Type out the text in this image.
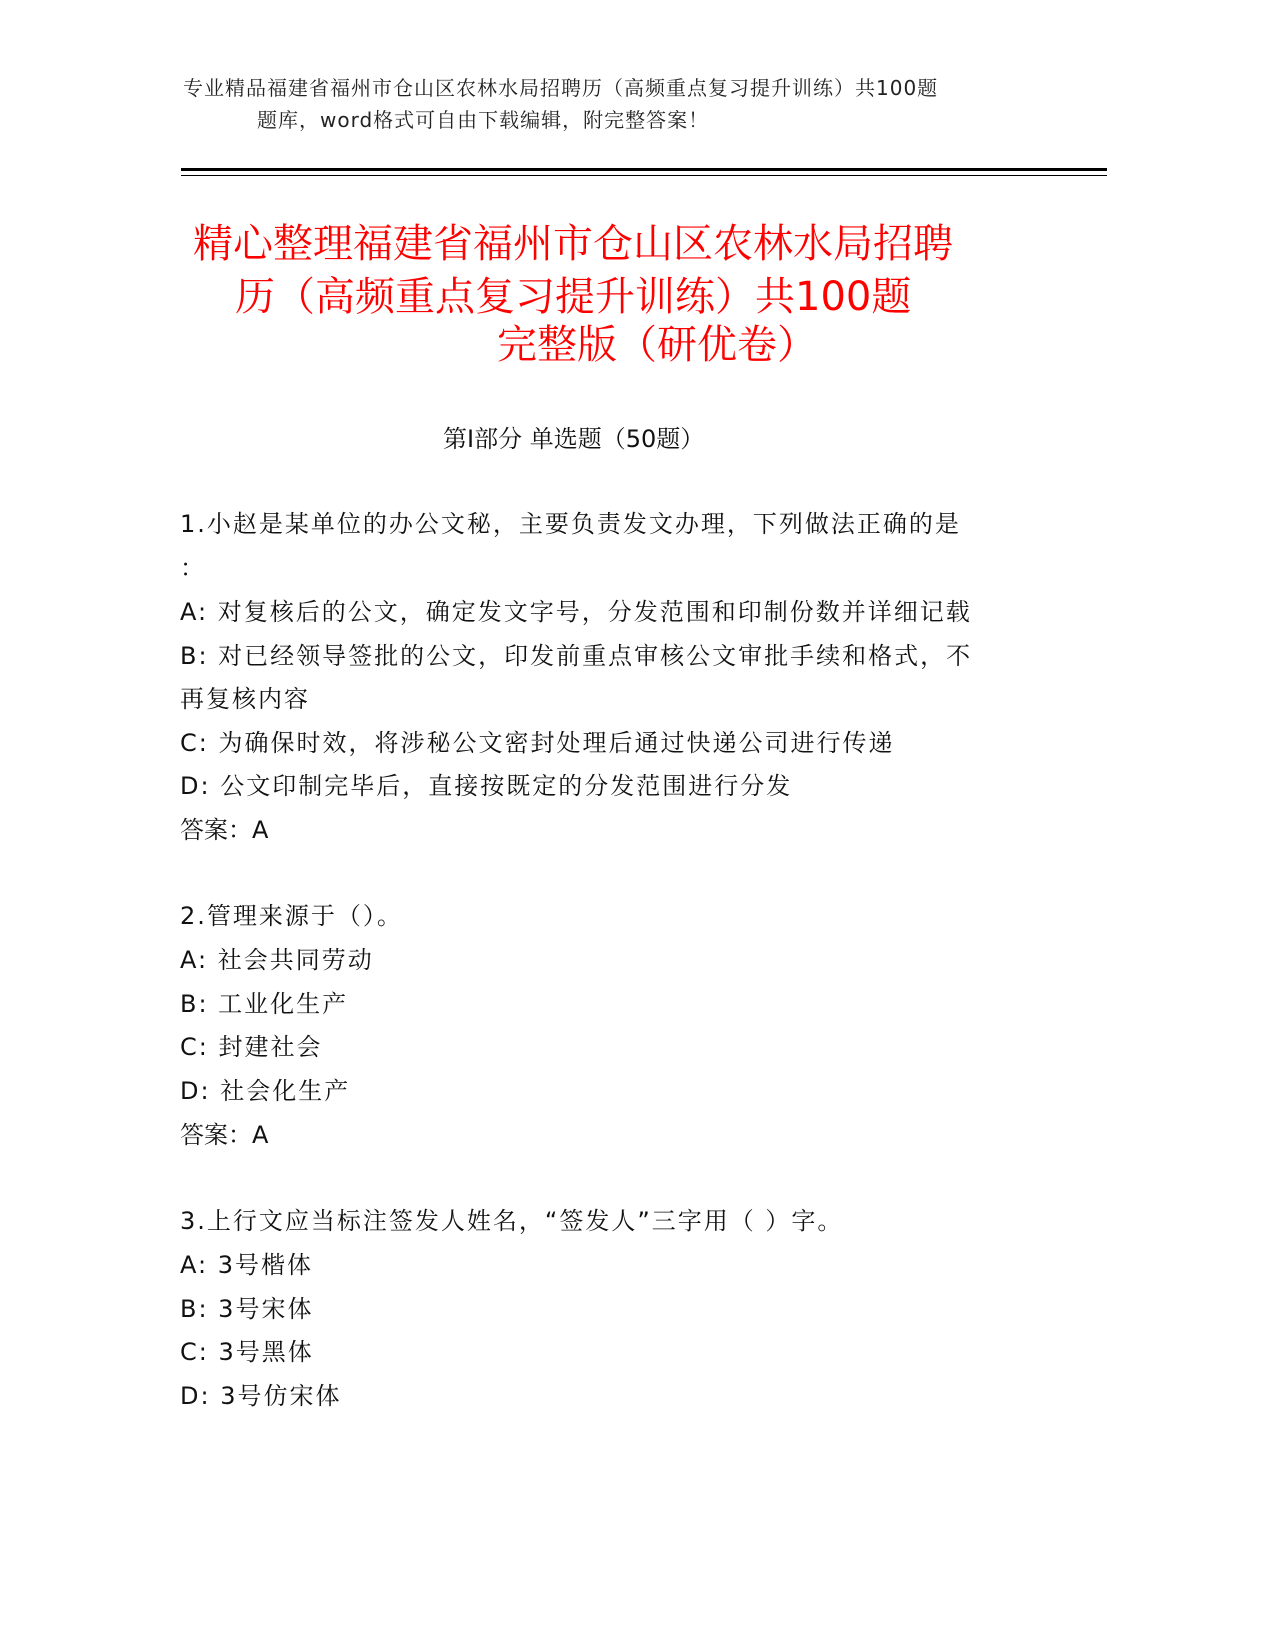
专业精品福建省福州市仓山区农林水局招聘历（高频重点复习提升训练）共100题
题库，word格式可自由下载编辑，附完整答案！
精心整理福建省福州市仓山区农林水局招聘
历（高频重点复习提升训练）共100题
完整版（研优卷）
第Ⅰ部分 单选题（50题）
1.小赵是某单位的办公文秘，主要负责发文办理，下列做法正确的是
：
A: 对复核后的公文，确定发文字号，分发范围和印制份数并详细记载
B: 对已经领导签批的公文，印发前重点审核公文审批手续和格式，不
再复核内容
C: 为确保时效，将涉秘公文密封处理后通过快递公司进行传递
D: 公文印制完毕后，直接按既定的分发范围进行分发
答案：A
2.管理来源于（）。
A: 社会共同劳动
B: 工业化生产
C: 封建社会
D: 社会化生产
答案：A
3.上行文应当标注签发人姓名，“签发人”三字用（ ）字。
A: 3号楷体
B: 3号宋体
C: 3号黑体
D: 3号仿宋体
